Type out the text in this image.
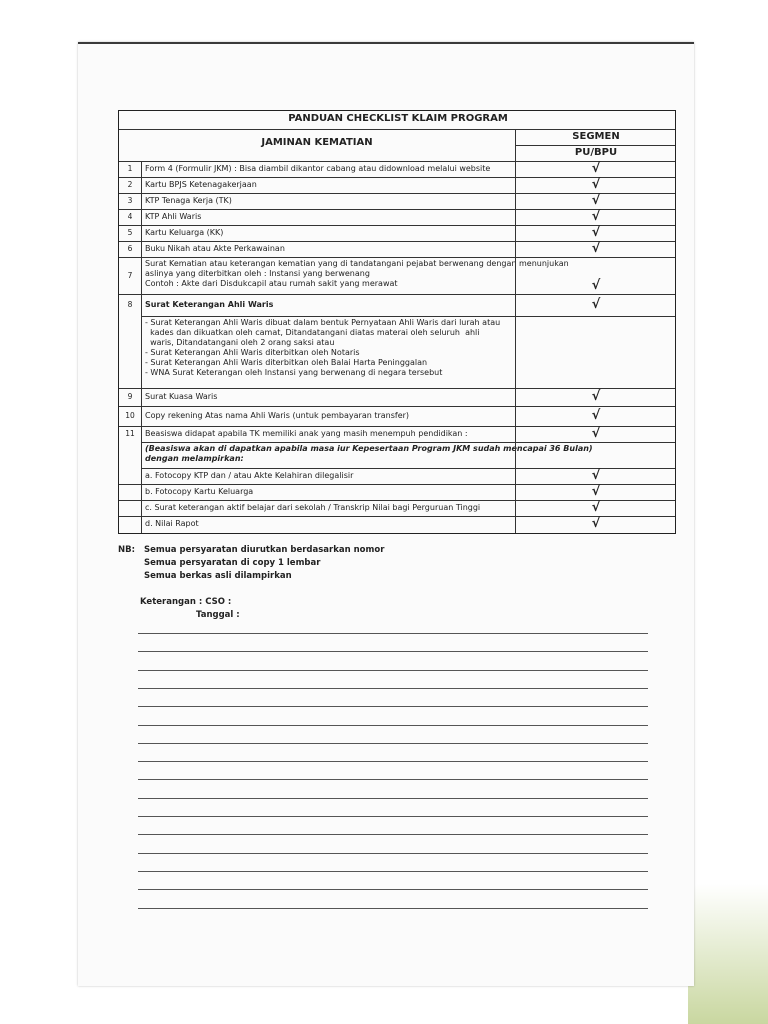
PANDUAN CHECKLIST KLAIM PROGRAM
JAMINAN KEMATIAN
SEGMEN
PU/BPU
1	Form 4 (Formulir JKM) : Bisa diambil dikantor cabang atau didownload melalui website	√
2	Kartu BPJS Ketenagakerjaan	√
3	KTP Tenaga Kerja (TK)	√
4	KTP Ahli Waris	√
5	Kartu Keluarga (KK)	√
6	Buku Nikah atau Akte Perkawainan	√
7
Surat Kematian atau keterangan kematian yang di tandatangani pejabat berwenang dengan menunjukan
aslinya yang diterbitkan oleh : Instansi yang berwenang
Contoh : Akte dari Disdukcapil atau rumah sakit yang merawat	√
8	Surat Keterangan Ahli Waris	√
- Surat Keterangan Ahli Waris dibuat dalam bentuk Pernyataan Ahli Waris dari lurah atau
kades dan dikuatkan oleh camat, Ditandatangani diatas materai oleh seluruh  ahli
waris, Ditandatangani oleh 2 orang saksi atau
- Surat Keterangan Ahli Waris diterbitkan oleh Notaris
- Surat Keterangan Ahli Waris diterbitkan oleh Balai Harta Peninggalan
- WNA Surat Keterangan oleh Instansi yang berwenang di negara tersebut
9	Surat Kuasa Waris	√
10	Copy rekening Atas nama Ahli Waris (untuk pembayaran transfer)	√
11	Beasiswa didapat apabila TK memiliki anak yang masih menempuh pendidikan :	√
(Beasiswa akan di dapatkan apabila masa iur Kepesertaan Program JKM sudah mencapai 36 Bulan)
dengan melampirkan:
a. Fotocopy KTP dan / atau Akte Kelahiran dilegalisir	√
b. Fotocopy Kartu Keluarga	√
c. Surat keterangan aktif belajar dari sekolah / Transkrip Nilai bagi Perguruan Tinggi	√
d. Nilai Rapot	√
NB:	Semua persyaratan diurutkan berdasarkan nomor
Semua persyaratan di copy 1 lembar
Semua berkas asli dilampirkan
Keterangan : CSO :
Tanggal :
